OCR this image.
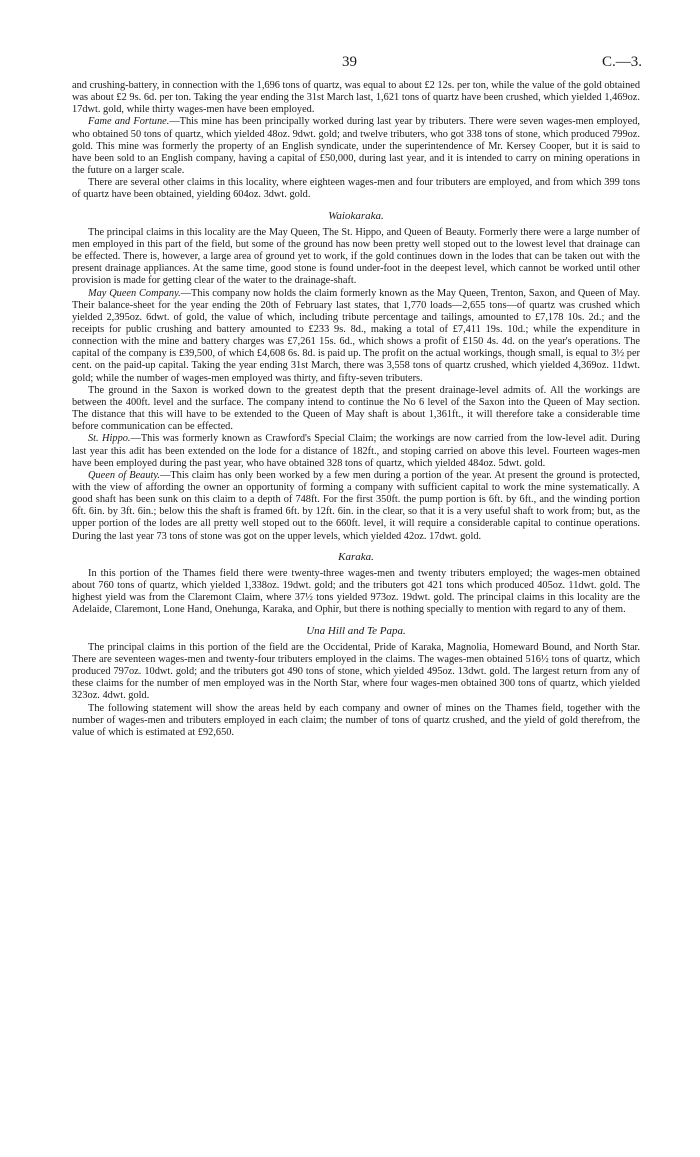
39	C.—3.

and crushing-battery, in connection with the 1,696 tons of quartz, was equal to about £2 12s. per ton, while the value of the gold obtained was about £2 9s. 6d. per ton. Taking the year ending the 31st March last, 1,621 tons of quartz have been crushed, which yielded 1,469oz. 17dwt. gold, while thirty wages-men have been employed.

Fame and Fortune.—This mine has been principally worked during last year by tributers. There were seven wages-men employed, who obtained 50 tons of quartz, which yielded 48oz. 9dwt. gold; and twelve tributers, who got 338 tons of stone, which produced 799oz. gold. This mine was formerly the property of an English syndicate, under the superintendence of Mr. Kersey Cooper, but it is said to have been sold to an English company, having a capital of £50,000, during last year, and it is intended to carry on mining operations in the future on a larger scale.

There are several other claims in this locality, where eighteen wages-men and four tributers are employed, and from which 399 tons of quartz have been obtained, yielding 604oz. 3dwt. gold.

Waiokaraka.

The principal claims in this locality are the May Queen, The St. Hippo, and Queen of Beauty. Formerly there were a large number of men employed in this part of the field, but some of the ground has now been pretty well stoped out to the lowest level that drainage can be effected. There is, however, a large area of ground yet to work, if the gold continues down in the lodes that can be taken out with the present drainage appliances. At the same time, good stone is found under-foot in the deepest level, which cannot be worked until other provision is made for getting clear of the water to the drainage-shaft.

May Queen Company.—This company now holds the claim formerly known as the May Queen, Trenton, Saxon, and Queen of May. Their balance-sheet for the year ending the 20th of February last states, that 1,770 loads—2,655 tons—of quartz was crushed which yielded 2,395oz. 6dwt. of gold, the value of which, including tribute percentage and tailings, amounted to £7,178 10s. 2d.; and the receipts for public crushing and battery amounted to £233 9s. 8d., making a total of £7,411 19s. 10d.; while the expenditure in connection with the mine and battery charges was £7,261 15s. 6d., which shows a profit of £150 4s. 4d. on the year's operations. The capital of the company is £39,500, of which £4,608 6s. 8d. is paid up. The profit on the actual workings, though small, is equal to 3½ per cent. on the paid-up capital. Taking the year ending 31st March, there was 3,558 tons of quartz crushed, which yielded 4,369oz. 11dwt. gold; while the number of wages-men employed was thirty, and fifty-seven tributers.

The ground in the Saxon is worked down to the greatest depth that the present drainage-level admits of. All the workings are between the 400ft. level and the surface. The company intend to continue the No 6 level of the Saxon into the Queen of May section. The distance that this will have to be extended to the Queen of May shaft is about 1,361ft., it will therefore take a considerable time before communication can be effected.

St. Hippo.—This was formerly known as Crawford's Special Claim; the workings are now carried from the low-level adit. During last year this adit has been extended on the lode for a distance of 182ft., and stoping carried on above this level. Fourteen wages-men have been employed during the past year, who have obtained 328 tons of quartz, which yielded 484oz. 5dwt. gold.

Queen of Beauty.—This claim has only been worked by a few men during a portion of the year. At present the ground is protected, with the view of affording the owner an opportunity of forming a company with sufficient capital to work the mine systematically. A good shaft has been sunk on this claim to a depth of 748ft. For the first 350ft. the pump portion is 6ft. by 6ft., and the winding portion 6ft. 6in. by 3ft. 6in.; below this the shaft is framed 6ft. by 12ft. 6in. in the clear, so that it is a very useful shaft to work from; but, as the upper portion of the lodes are all pretty well stoped out to the 660ft. level, it will require a considerable capital to continue operations. During the last year 73 tons of stone was got on the upper levels, which yielded 42oz. 17dwt. gold.

Karaka.

In this portion of the Thames field there were twenty-three wages-men and twenty tributers employed; the wages-men obtained about 760 tons of quartz, which yielded 1,338oz. 19dwt. gold; and the tributers got 421 tons which produced 405oz. 11dwt. gold. The highest yield was from the Claremont Claim, where 37½ tons yielded 973oz. 19dwt. gold. The principal claims in this locality are the Adelaide, Claremont, Lone Hand, Onehunga, Karaka, and Ophir, but there is nothing specially to mention with regard to any of them.

Una Hill and Te Papa.

The principal claims in this portion of the field are the Occidental, Pride of Karaka, Magnolia, Homeward Bound, and North Star. There are seventeen wages-men and twenty-four tributers employed in the claims. The wages-men obtained 516½ tons of quartz, which produced 797oz. 10dwt. gold; and the tributers got 490 tons of stone, which yielded 495oz. 13dwt. gold. The largest return from any of these claims for the number of men employed was in the North Star, where four wages-men obtained 300 tons of quartz, which yielded 323oz. 4dwt. gold.

The following statement will show the areas held by each company and owner of mines on the Thames field, together with the number of wages-men and tributers employed in each claim; the number of tons of quartz crushed, and the yield of gold therefrom, the value of which is estimated at £92,650.
